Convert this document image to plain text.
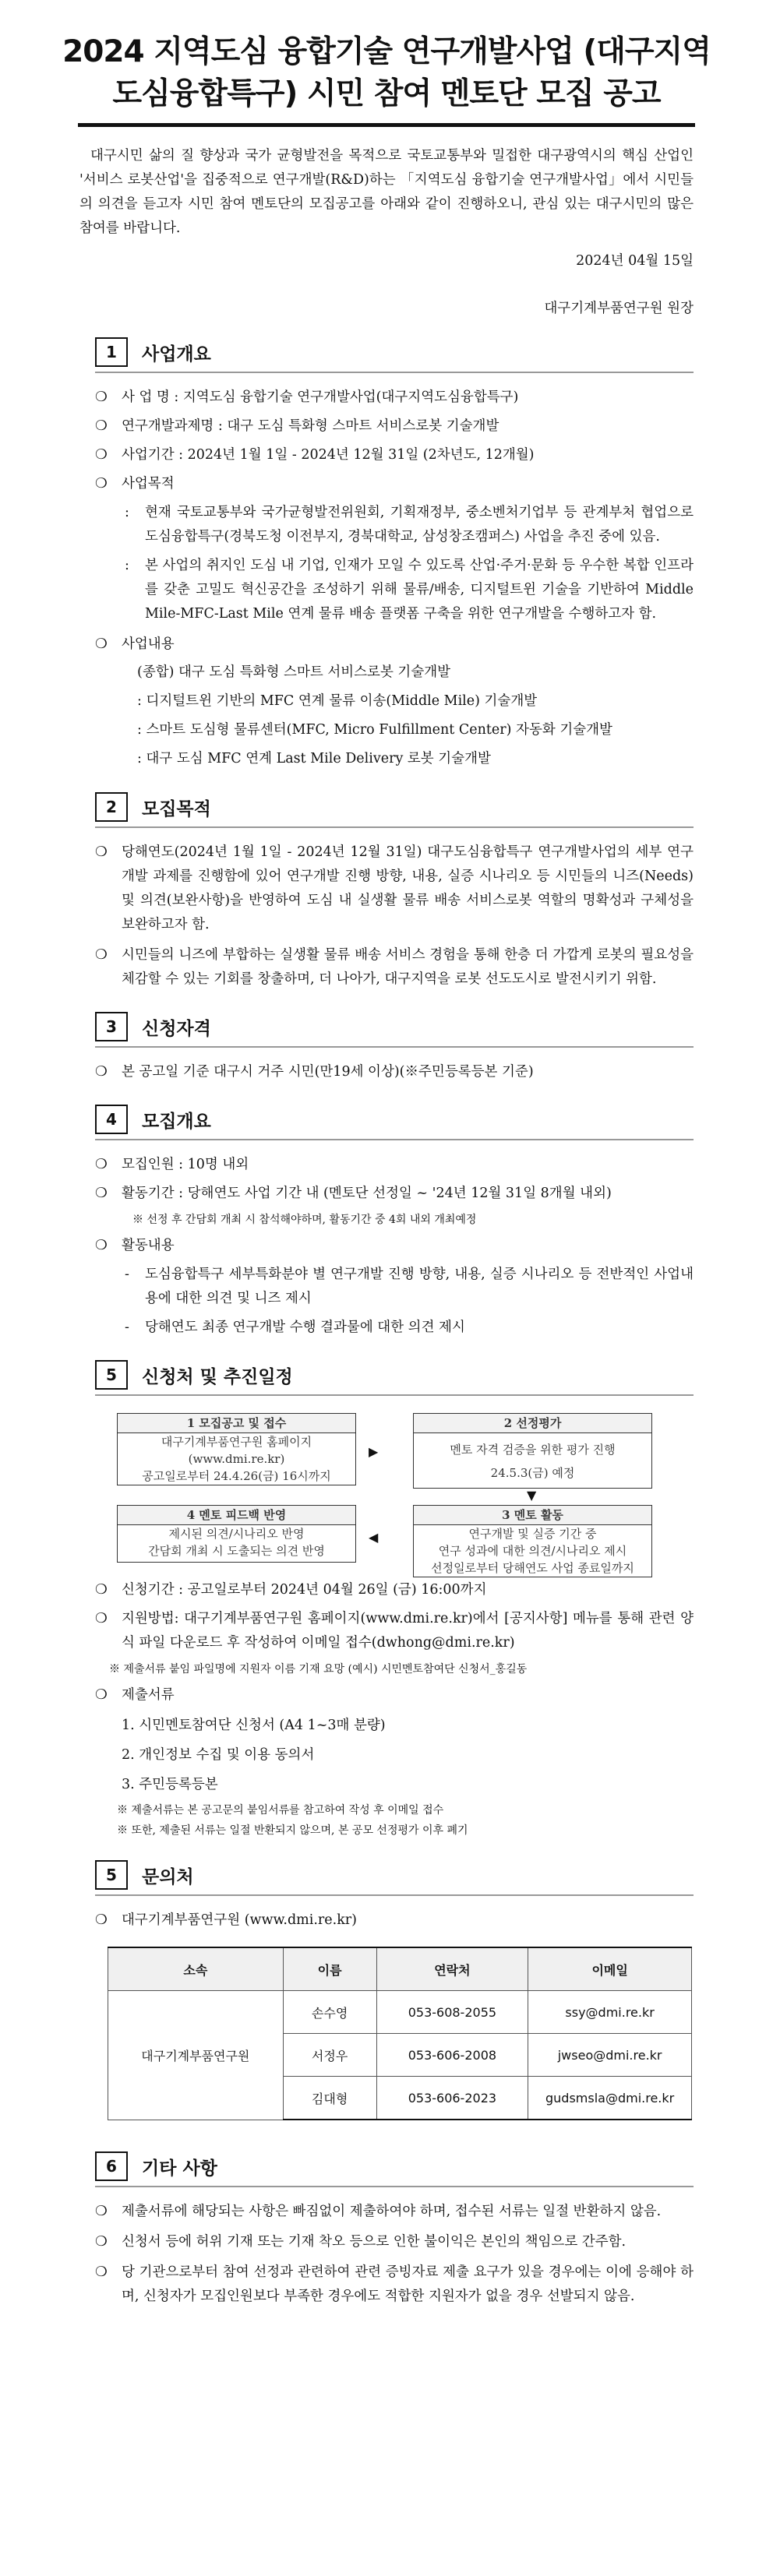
2024 지역도심 융합기술 연구개발사업 (대구지역
도심융합특구) 시민 참여 멘토단 모집 공고
대구시민 삶의 질 향상과 국가 균형발전을 목적으로 국토교통부와 밀접한 대구광역시의 핵심 산업인 '서비스 로봇산업'을 집중적으로 연구개발(R&D)하는 「지역도심 융합기술 연구개발사업」에서 시민들의 의견을 듣고자 시민 참여 멘토단의 모집공고를 아래와 같이 진행하오니, 관심 있는 대구시민의 많은 참여를 바랍니다.
2024년 04월 15일
대구기계부품연구원 원장
1	사업개요
❍ 사 업 명 : 지역도심 융합기술 연구개발사업(대구지역도심융합특구)
❍ 연구개발과제명 : 대구 도심 특화형 스마트 서비스로봇 기술개발
❍ 사업기간 : 2024년 1월 1일 - 2024년 12월 31일 (2차년도, 12개월)
❍ 사업목적
: 현재 국토교통부와 국가균형발전위원회, 기획재정부, 중소벤처기업부 등 관계부처 협업으로 도심융합특구(경북도청 이전부지, 경북대학교, 삼성창조캠퍼스) 사업을 추진 중에 있음.
: 본 사업의 취지인 도심 내 기업, 인재가 모일 수 있도록 산업·주거·문화 등 우수한 복합 인프라를 갖춘 고밀도 혁신공간을 조성하기 위해 물류/배송, 디지털트윈 기술을 기반하여 Middle Mile-MFC-Last Mile 연계 물류 배송 플랫폼 구축을 위한 연구개발을 수행하고자 함.
❍ 사업내용
(종합) 대구 도심 특화형 스마트 서비스로봇 기술개발
: 디지털트윈 기반의 MFC 연계 물류 이송(Middle Mile) 기술개발
: 스마트 도심형 물류센터(MFC, Micro Fulfillment Center) 자동화 기술개발
: 대구 도심 MFC 연계 Last Mile Delivery 로봇 기술개발
2	모집목적
❍ 당해연도(2024년 1월 1일 - 2024년 12월 31일) 대구도심융합특구 연구개발사업의 세부 연구개발 과제를 진행함에 있어 연구개발 진행 방향, 내용, 실증 시나리오 등 시민들의 니즈(Needs) 및 의견(보완사항)을 반영하여 도심 내 실생활 물류 배송 서비스로봇 역할의 명확성과 구체성을 보완하고자 함.
❍ 시민들의 니즈에 부합하는 실생활 물류 배송 서비스 경험을 통해 한층 더 가깝게 로봇의 필요성을 체감할 수 있는 기회를 창출하며, 더 나아가, 대구지역을 로봇 선도도시로 발전시키기 위함.
3	신청자격
❍ 본 공고일 기준 대구시 거주 시민(만19세 이상)(※주민등록등본 기준)
4	모집개요
❍ 모집인원 : 10명 내외
❍ 활동기간 : 당해연도 사업 기간 내 (멘토단 선정일 ~ '24년 12월 31일 8개월 내외)
※ 선정 후 간담회 개최 시 참석해야하며, 활동기간 중 4회 내외 개최예정
❍ 활동내용
- 도심융합특구 세부특화분야 별 연구개발 진행 방향, 내용, 실증 시나리오 등 전반적인 사업내용에 대한 의견 및 니즈 제시
- 당해연도 최종 연구개발 수행 결과물에 대한 의견 제시
5	신청처 및 추진일정
1 모집공고 및 접수
대구기계부품연구원 홈페이지
(www.dmi.re.kr)
공고일로부터 24.4.26(금) 16시까지
▶
2 선정평가
멘토 자격 검증을 위한 평가 진행
24.5.3(금) 예정
▼
4 멘토 피드백 반영
제시된 의견/시나리오 반영
간담회 개최 시 도출되는 의견 반영
◀
3 멘토 활동
연구개발 및 실증 기간 중
연구 성과에 대한 의견/시나리오 제시
선정일로부터 당해연도 사업 종료일까지
❍ 신청기간 : 공고일로부터 2024년 04월 26일 (금) 16:00까지
❍ 지원방법: 대구기계부품연구원 홈페이지(www.dmi.re.kr)에서 [공지사항] 메뉴를 통해 관련 양식 파일 다운로드 후 작성하여 이메일 접수(dwhong@dmi.re.kr)
※ 제출서류 붙임 파일명에 지원자 이름 기재 요망 (예시) 시민멘토참여단 신청서_홍길동
❍ 제출서류
1. 시민멘토참여단 신청서 (A4 1~3매 분량)
2. 개인정보 수집 및 이용 동의서
3. 주민등록등본
※ 제출서류는 본 공고문의 붙임서류를 참고하여 작성 후 이메일 접수
※ 또한, 제출된 서류는 일절 반환되지 않으며, 본 공모 선정평가 이후 폐기
5	문의처
❍ 대구기계부품연구원 (www.dmi.re.kr)
소속	이름	연락처	이메일
대구기계부품연구원	손수영	053-608-2055	ssy@dmi.re.kr
	서정우	053-606-2008	jwseo@dmi.re.kr
	김대형	053-606-2023	gudsmsla@dmi.re.kr
6	기타 사항
❍ 제출서류에 해당되는 사항은 빠짐없이 제출하여야 하며, 접수된 서류는 일절 반환하지 않음.
❍ 신청서 등에 허위 기재 또는 기재 착오 등으로 인한 불이익은 본인의 책임으로 간주함.
❍ 당 기관으로부터 참여 선정과 관련하여 관련 증빙자료 제출 요구가 있을 경우에는 이에 응해야 하며, 신청자가 모집인원보다 부족한 경우에도 적합한 지원자가 없을 경우 선발되지 않음.
